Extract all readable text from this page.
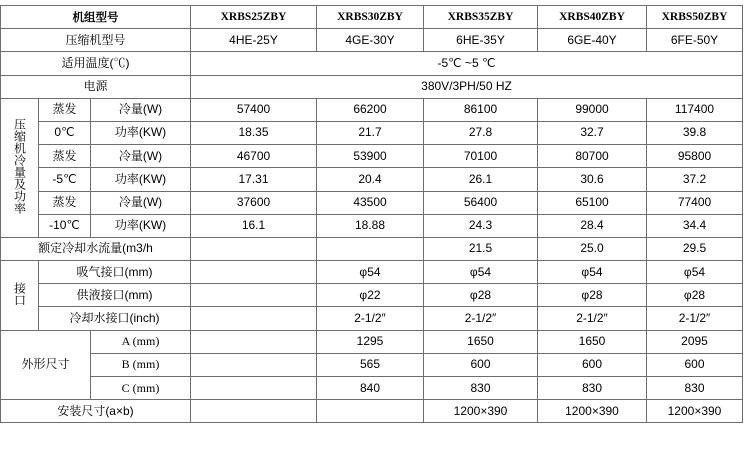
机组型号			XRBS25ZBY	XRBS30ZBY	XRBS35ZBY	XRBS40ZBY	XRBS50ZBY
压缩机型号			4HE-25Y	4GE-30Y	6HE-35Y	6GE-40Y	6FE-50Y
适用温度(℃)			-5℃ ~5 ℃				
电源			380V/3PH/50 HZ				
压缩机冷量及功率	蒸发	冷量(W)	57400	66200	86100	99000	117400
	0℃	功率(KW)	18.35	21.7	27.8	32.7	39.8
	蒸发	冷量(W)	46700	53900	70100	80700	95800
	-5℃	功率(KW)	17.31	20.4	26.1	30.6	37.2
	蒸发	冷量(W)	37600	43500	56400	65100	77400
	-10℃	功率(KW)	16.1	18.88	24.3	28.4	34.4
额定冷却水流量(m3/h					21.5	25.0	29.5
接口	吸气接口(mm)			φ54	φ54	φ54	φ54
	供液接口(mm)			φ22	φ28	φ28	φ28
	冷却水接口(inch)			2-1/2″	2-1/2″	2-1/2″	2-1/2″
外形尺寸		A (mm)		1295	1650	1650	2095
		B (mm)		565	600	600	600
		C (mm)		840	830	830	830
安装尺寸(a×b)					1200×390	1200×390	1200×390
